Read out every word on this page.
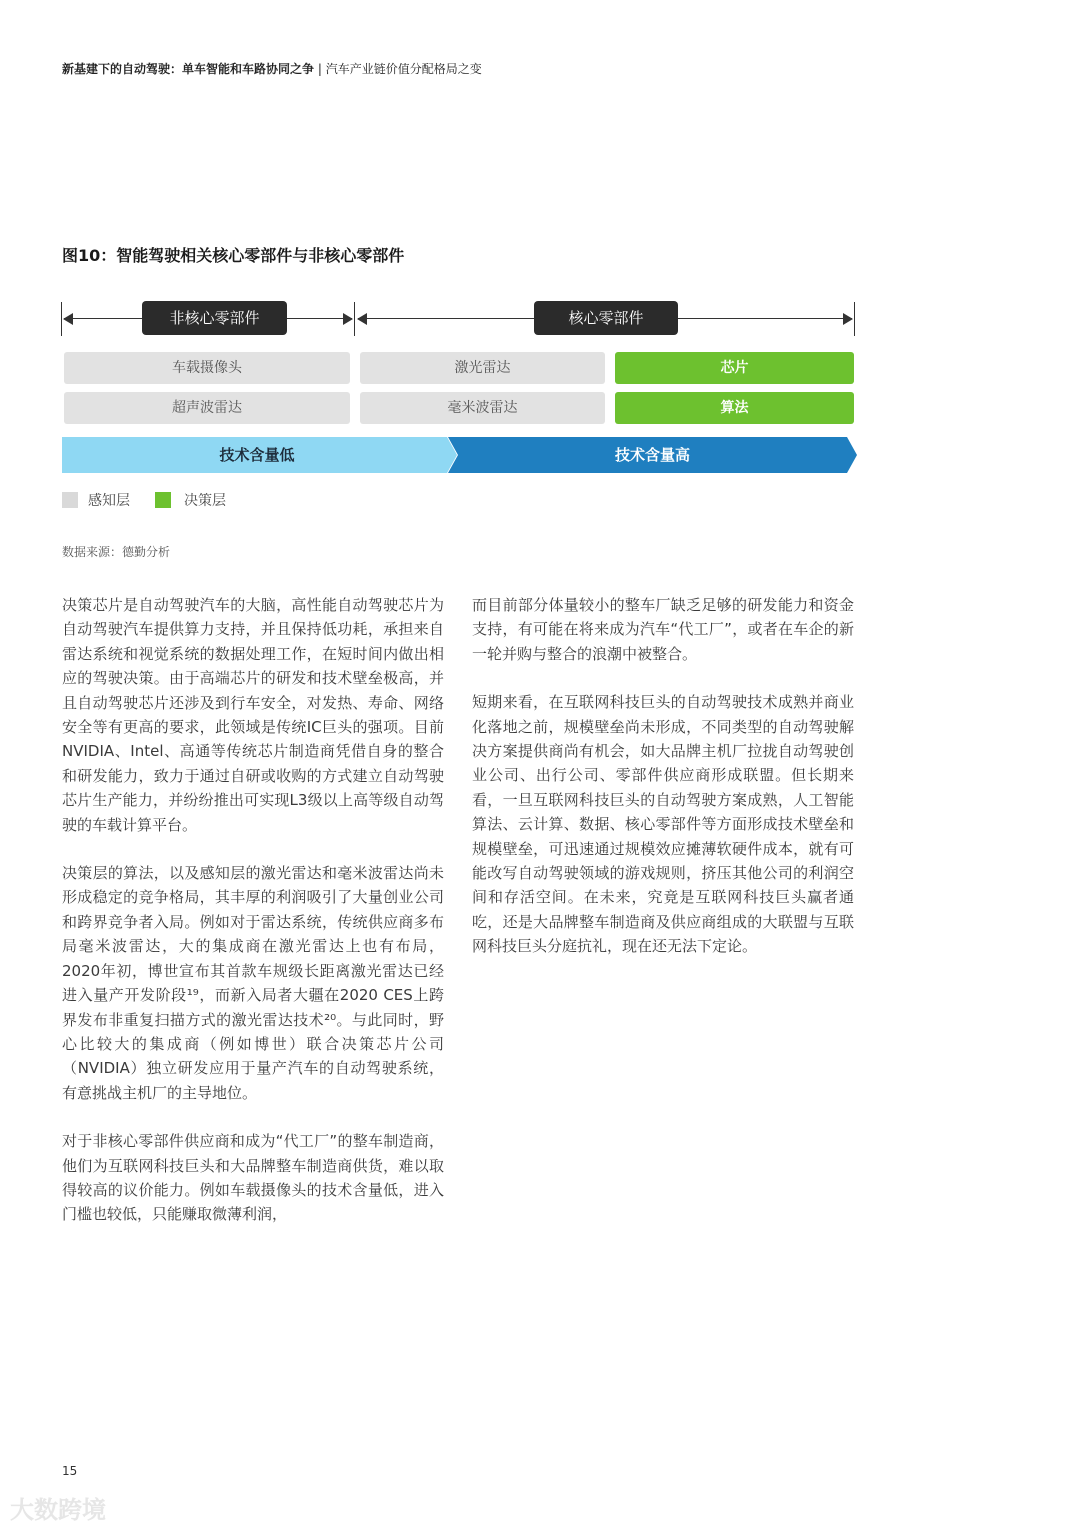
新基建下的自动驾驶：单车智能和车路协同之争 | 汽车产业链价值分配格局之变
图10：智能驾驶相关核心零部件与非核心零部件
非核心零部件	核心零部件
车载摄像头
超声波雷达
激光雷达
毫米波雷达
芯片
算法
技术含量低	技术含量高
感知层	决策层
数据来源：德勤分析

决策芯片是自动驾驶汽车的大脑，高性能自动驾驶芯片为自动驾驶汽车提供算力支持，并且保持低功耗，承担来自雷达系统和视觉系统的数据处理工作，在短时间内做出相应的驾驶决策。由于高端芯片的研发和技术壁垒极高，并且自动驾驶芯片还涉及到行车安全，对发热、寿命、网络安全等有更高的要求，此领域是传统IC巨头的强项。目前NVIDIA、Intel、高通等传统芯片制造商凭借自身的整合和研发能力，致力于通过自研或收购的方式建立自动驾驶芯片生产能力，并纷纷推出可实现L3级以上高等级自动驾驶的车载计算平台。

决策层的算法，以及感知层的激光雷达和毫米波雷达尚未形成稳定的竞争格局，其丰厚的利润吸引了大量创业公司和跨界竞争者入局。例如对于雷达系统，传统供应商多布局毫米波雷达，大的集成商在激光雷达上也有布局，2020年初，博世宣布其首款车规级长距离激光雷达已经进入量产开发阶段¹⁹，而新入局者大疆在2020 CES上跨界发布非重复扫描方式的激光雷达技术²⁰。与此同时，野心比较大的集成商（例如博世）联合决策芯片公司（NVIDIA）独立研发应用于量产汽车的自动驾驶系统，有意挑战主机厂的主导地位。

对于非核心零部件供应商和成为“代工厂”的整车制造商，他们为互联网科技巨头和大品牌整车制造商供货，难以取得较高的议价能力。例如车载摄像头的技术含量低，进入门槛也较低，只能赚取微薄利润，

而目前部分体量较小的整车厂缺乏足够的研发能力和资金支持，有可能在将来成为汽车“代工厂”，或者在车企的新一轮并购与整合的浪潮中被整合。

短期来看，在互联网科技巨头的自动驾驶技术成熟并商业化落地之前，规模壁垒尚未形成，不同类型的自动驾驶解决方案提供商尚有机会，如大品牌主机厂拉拢自动驾驶创业公司、出行公司、零部件供应商形成联盟。但长期来看，一旦互联网科技巨头的自动驾驶方案成熟，人工智能算法、云计算、数据、核心零部件等方面形成技术壁垒和规模壁垒，可迅速通过规模效应摊薄软硬件成本，就有可能改写自动驾驶领域的游戏规则，挤压其他公司的利润空间和存活空间。在未来，究竟是互联网科技巨头赢者通吃，还是大品牌整车制造商及供应商组成的大联盟与互联网科技巨头分庭抗礼，现在还无法下定论。

15
大数跨境
